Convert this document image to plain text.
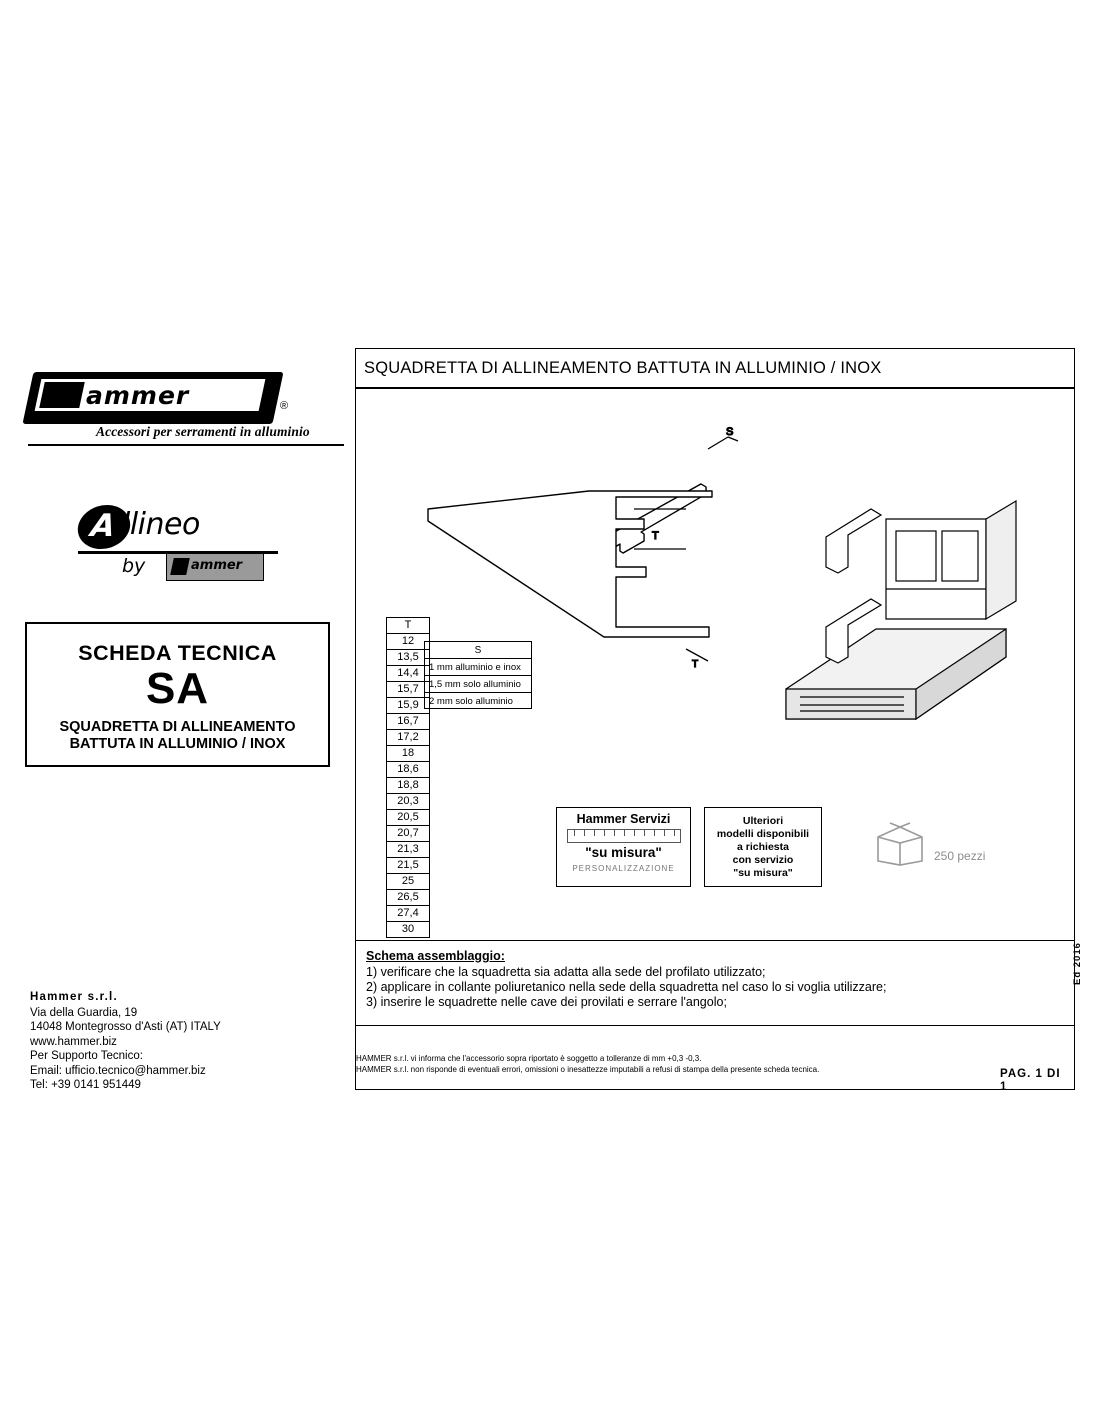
ammer	®
Accessori per serramenti in alluminio
A
llineo
by	ammer
SCHEDA TECNICA
SA
SQUADRETTA DI ALLINEAMENTO
BATTUTA IN ALLUMINIO / INOX
Hammer s.r.l.
Via della Guardia, 19
14048 Montegrosso d'Asti (AT) ITALY
www.hammer.biz
Per Supporto Tecnico:
Email: ufficio.tecnico@hammer.biz
Tel: +39 0141 951449
SQUADRETTA DI ALLINEAMENTO BATTUTA IN ALLUMINIO / INOX
S
T
T
T
12
13,5
14,4
15,7
15,9
16,7
17,2
18
18,6
18,8
20,3
20,5
20,7
21,3
21,5
25
26,5
27,4
30
S
1 mm alluminio e inox
1,5 mm solo alluminio
2 mm solo alluminio
Hammer Servizi
"su misura"
PERSONALIZZAZIONE
Ulteriori
modelli disponibili
a richiesta
con servizio
"su misura"
250 pezzi
Schema assemblaggio:
1) verificare che la squadretta sia adatta alla sede del profilato utilizzato;
2) applicare in collante poliuretanico nella sede della squadretta nel caso lo si voglia utilizzare;
3) inserire le squadrette nelle cave dei provilati e serrare l'angolo;
HAMMER s.r.l. vi informa che l'accessorio sopra riportato è soggetto a tolleranze di mm +0,3 -0,3.
HAMMER s.r.l. non risponde di eventuali errori, omissioni o inesattezze imputabili a refusi di stampa della presente scheda tecnica.	PAG. 1 DI 1
Ed 2016
